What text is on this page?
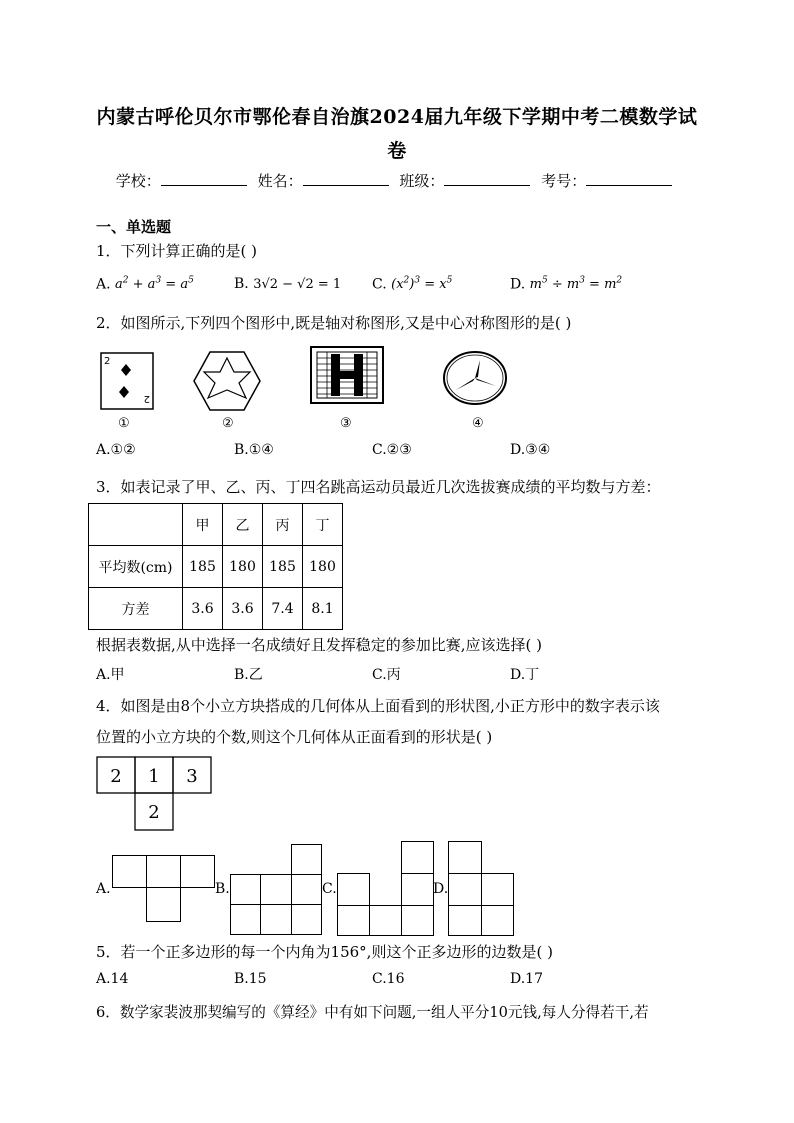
内蒙古呼伦贝尔市鄂伦春自治旗2024届九年级下学期中考二模数学试
卷
学校：	姓名：	班级：	考号：
一、单选题
1．下列计算正确的是( )
A. $a^2 + a^3 = a^5$	B. 3√2 − √2 = 1 C. $(x^2)^3 = x^5$	D. $m^5 \div m^3 = m^2$
2．如图所示,下列四个图形中,既是轴对称图形,又是中心对称图形的是( )
2
2
①	②	③	④
A.①②	B.①④	C.②③	D.③④
3．如表记录了甲、乙、丙、丁四名跳高运动员最近几次选拔赛成绩的平均数与方差：
	甲	乙	丙	丁
平均数(cm)	185	180	185	180
方差	3.6	3.6	7.4	8.1
根据表数据,从中选择一名成绩好且发挥稳定的参加比赛,应该选择( )
A.甲	B.乙	C.丙	D.丁
4．如图是由8个小立方块搭成的几何体从上面看到的形状图,小正方形中的数字表示该
位置的小立方块的个数,则这个几何体从正面看到的形状是( )
2 1 3
2
A.	B.	C.	D.
5．若一个正多边形的每一个内角为156°,则这个正多边形的边数是( )
A.14	B.15	C.16	D.17
6．数学家裴波那契编写的《算经》中有如下问题,一组人平分10元钱,每人分得若干,若
